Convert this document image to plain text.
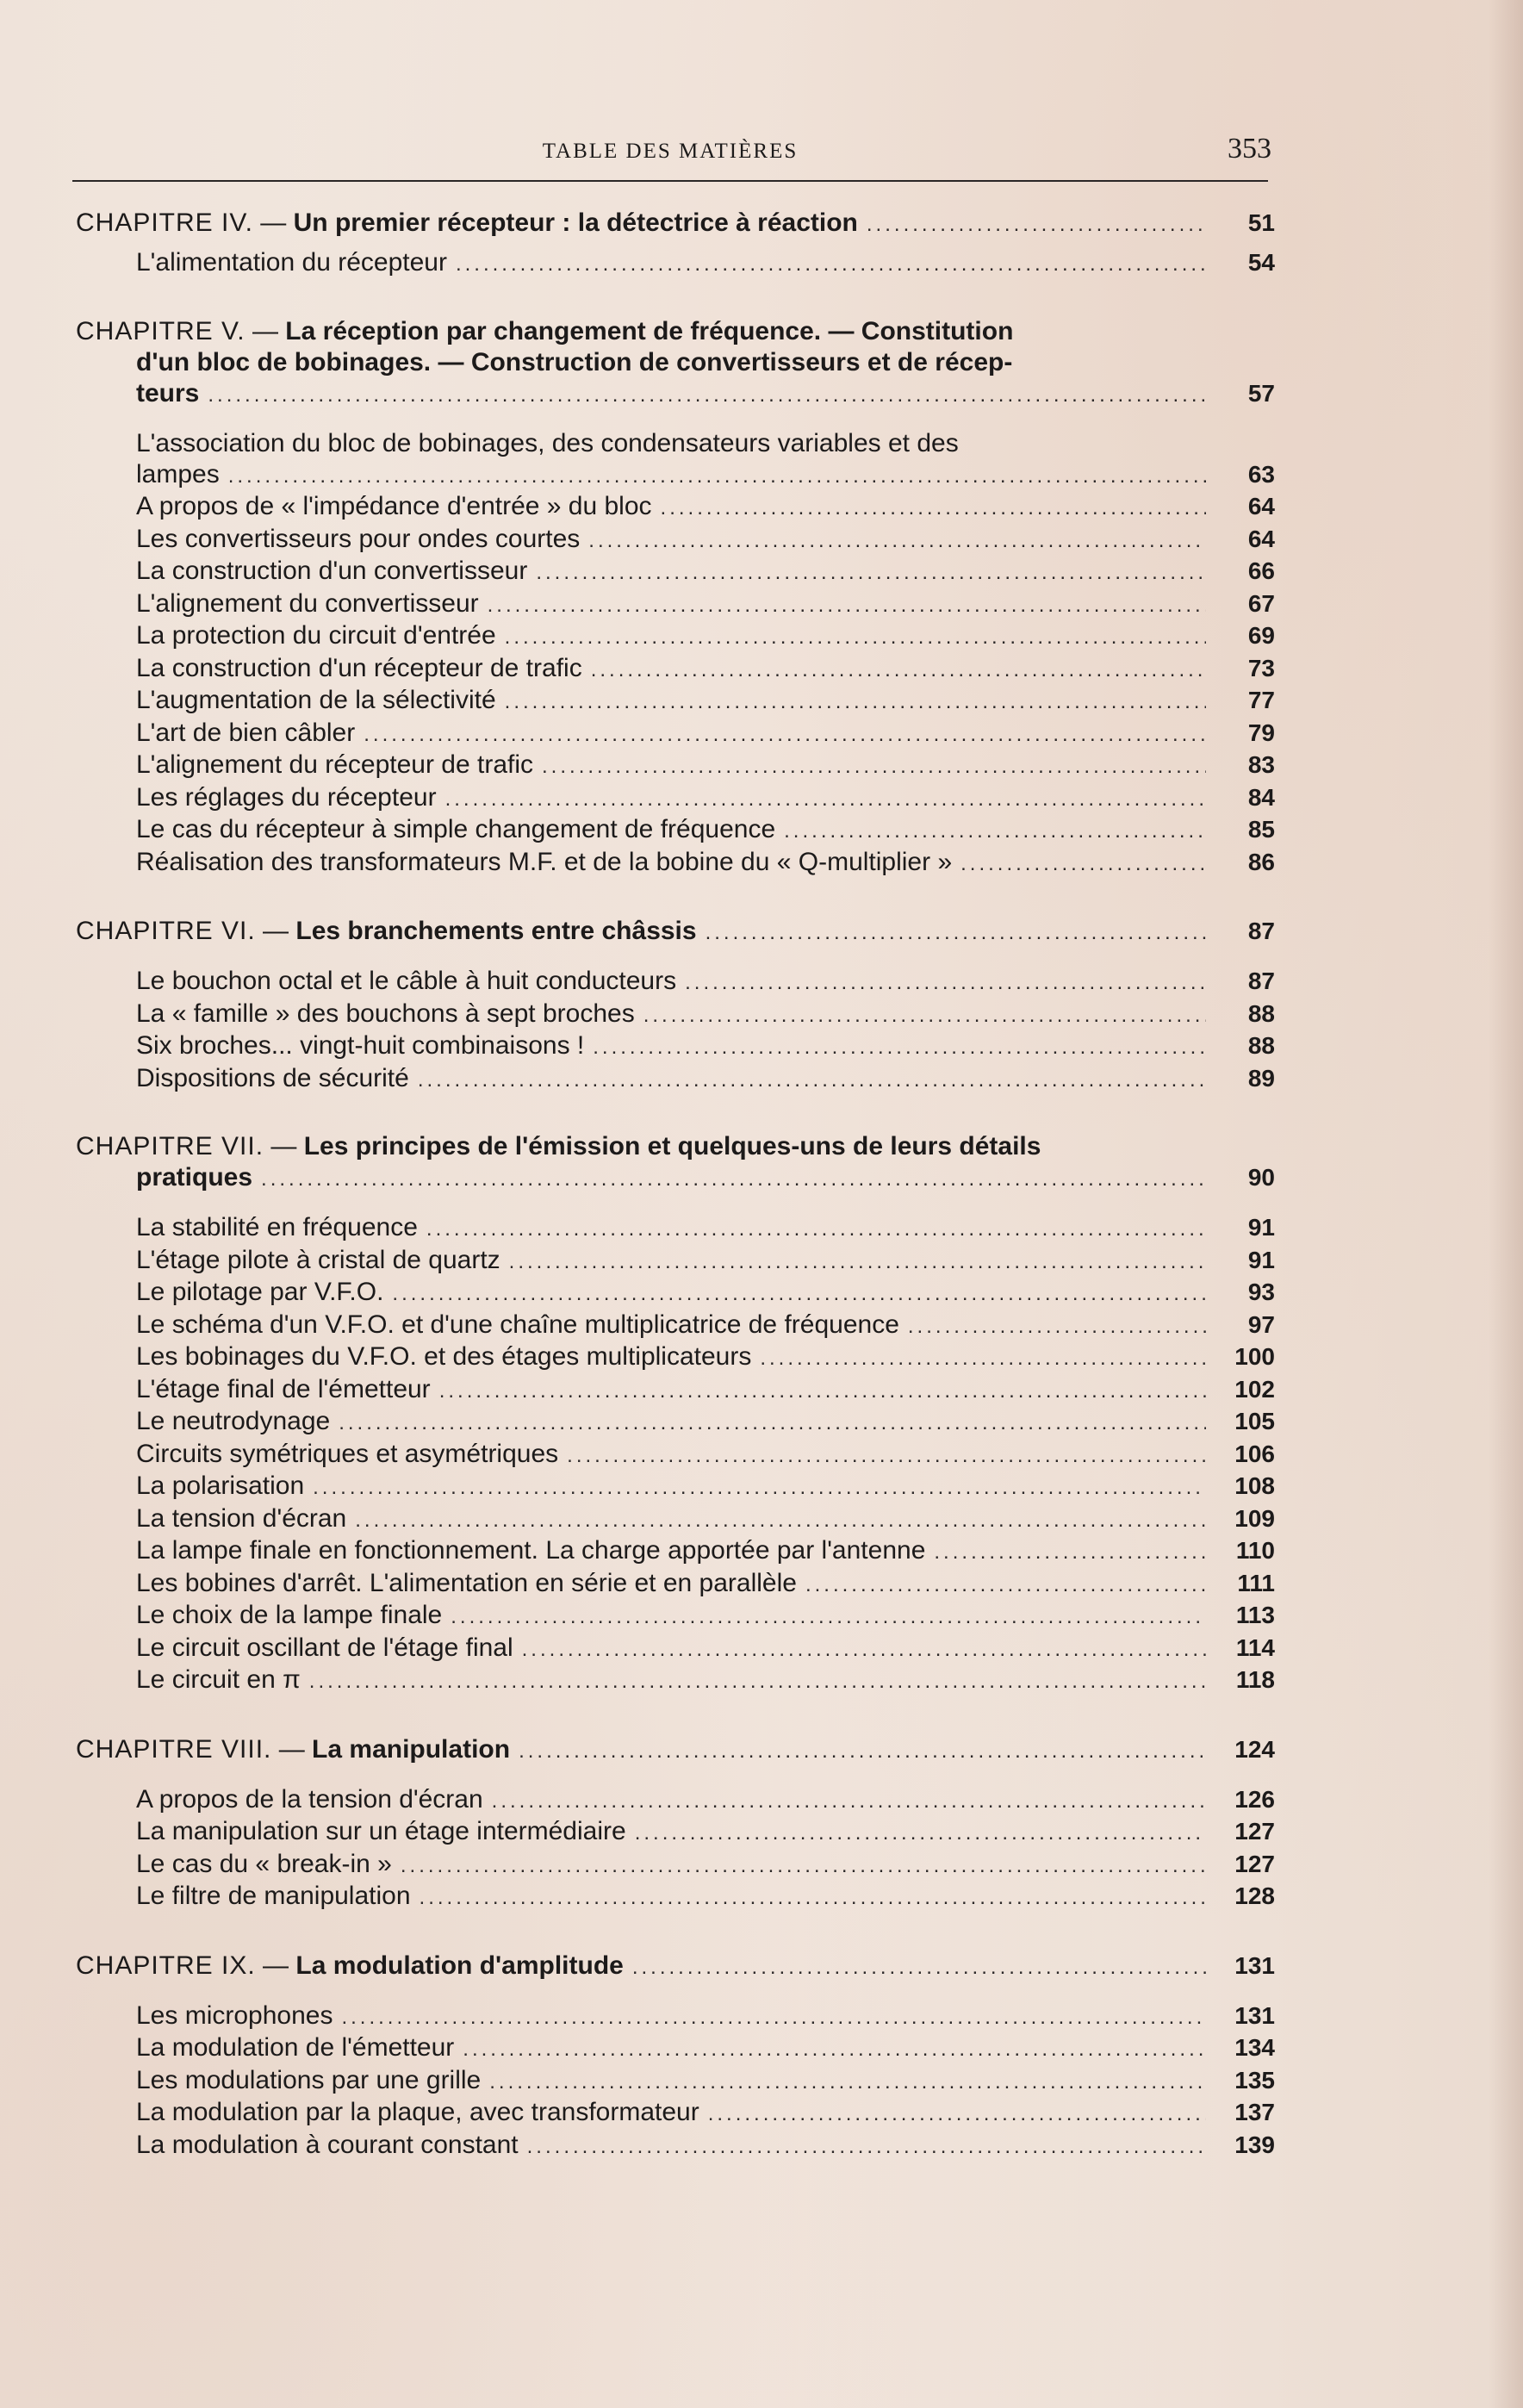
TABLE DES MATIÈRES	353
CHAPITRE IV. — Un premier récepteur : la détectrice à réaction .....	51
L'alimentation du récepteur .....	54
CHAPITRE V. — La réception par changement de fréquence. — Constitution
d'un bloc de bobinages. — Construction de convertisseurs et de récep-
teurs .....	57
L'association du bloc de bobinages, des condensateurs variables et des
lampes .....	63
A propos de « l'impédance d'entrée » du bloc .....	64
Les convertisseurs pour ondes courtes .....	64
La construction d'un convertisseur .....	66
L'alignement du convertisseur .....	67
La protection du circuit d'entrée .....	69
La construction d'un récepteur de trafic .....	73
L'augmentation de la sélectivité .....	77
L'art de bien câbler .....	79
L'alignement du récepteur de trafic .....	83
Les réglages du récepteur .....	84
Le cas du récepteur à simple changement de fréquence .....	85
Réalisation des transformateurs M.F. et de la bobine du « Q-multiplier » .....	86
CHAPITRE VI. — Les branchements entre châssis .....	87
Le bouchon octal et le câble à huit conducteurs .....	87
La « famille » des bouchons à sept broches .....	88
Six broches... vingt-huit combinaisons ! .....	88
Dispositions de sécurité .....	89
CHAPITRE VII. — Les principes de l'émission et quelques-uns de leurs détails
pratiques .....	90
La stabilité en fréquence .....	91
L'étage pilote à cristal de quartz .....	91
Le pilotage par V.F.O. .....	93
Le schéma d'un V.F.O. et d'une chaîne multiplicatrice de fréquence .....	97
Les bobinages du V.F.O. et des étages multiplicateurs .....	100
L'étage final de l'émetteur .....	102
Le neutrodynage .....	105
Circuits symétriques et asymétriques .....	106
La polarisation .....	108
La tension d'écran .....	109
La lampe finale en fonctionnement. La charge apportée par l'antenne .....	110
Les bobines d'arrêt. L'alimentation en série et en parallèle .....	111
Le choix de la lampe finale .....	113
Le circuit oscillant de l'étage final .....	114
Le circuit en π .....	118
CHAPITRE VIII. — La manipulation .....	124
A propos de la tension d'écran .....	126
La manipulation sur un étage intermédiaire .....	127
Le cas du « break-in » .....	127
Le filtre de manipulation .....	128
CHAPITRE IX. — La modulation d'amplitude .....	131
Les microphones .....	131
La modulation de l'émetteur .....	134
Les modulations par une grille .....	135
La modulation par la plaque, avec transformateur .....	137
La modulation à courant constant .....	139
